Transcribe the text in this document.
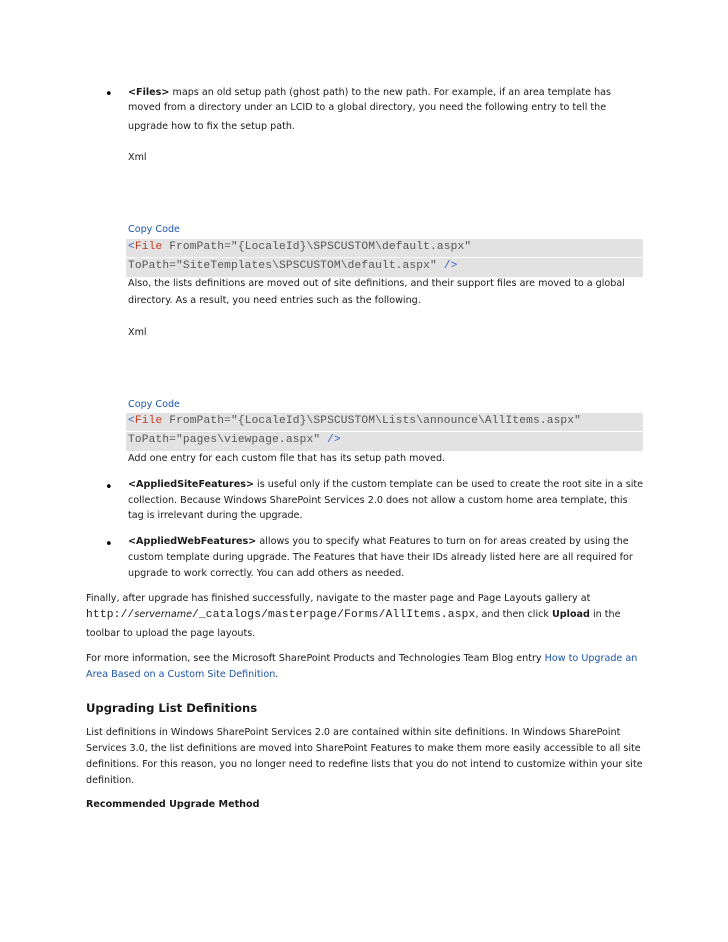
• <Files> maps an old setup path (ghost path) to the new path. For example, if an area template has
moved from a directory under an LCID to a global directory, you need the following entry to tell the
upgrade how to fix the setup path.
Xml
Copy Code
<File FromPath="{LocaleId}\SPSCUSTOM\default.aspx"
ToPath="SiteTemplates\SPSCUSTOM\default.aspx" />
Also, the lists definitions are moved out of site definitions, and their support files are moved to a global
directory. As a result, you need entries such as the following.
Xml
Copy Code
<File FromPath="{LocaleId}\SPSCUSTOM\Lists\announce\AllItems.aspx"
ToPath="pages\viewpage.aspx" />
Add one entry for each custom file that has its setup path moved.
• <AppliedSiteFeatures> is useful only if the custom template can be used to create the root site in a site
collection. Because Windows SharePoint Services 2.0 does not allow a custom home area template, this
tag is irrelevant during the upgrade.
• <AppliedWebFeatures> allows you to specify what Features to turn on for areas created by using the
custom template during upgrade. The Features that have their IDs already listed here are all required for
upgrade to work correctly. You can add others as needed.
Finally, after upgrade has finished successfully, navigate to the master page and Page Layouts gallery at
http://servername/_catalogs/masterpage/Forms/AllItems.aspx, and then click Upload in the
toolbar to upload the page layouts.
For more information, see the Microsoft SharePoint Products and Technologies Team Blog entry How to Upgrade an
Area Based on a Custom Site Definition.
Upgrading List Definitions
List definitions in Windows SharePoint Services 2.0 are contained within site definitions. In Windows SharePoint
Services 3.0, the list definitions are moved into SharePoint Features to make them more easily accessible to all site
definitions. For this reason, you no longer need to redefine lists that you do not intend to customize within your site
definition.
Recommended Upgrade Method
